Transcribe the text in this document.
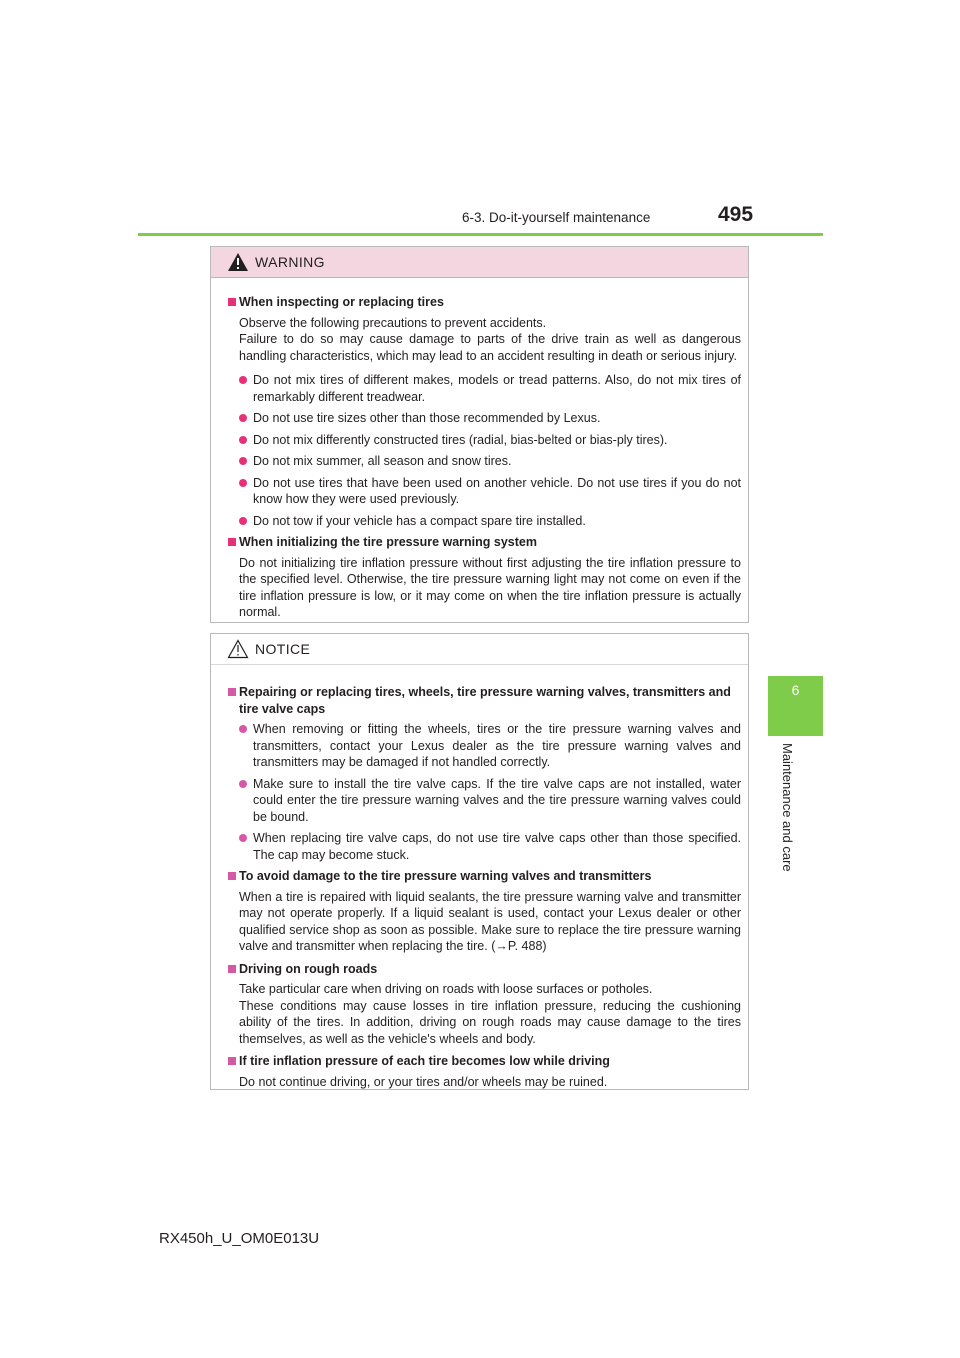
6-3. Do-it-yourself maintenance	495
6
Maintenance and care
WARNING
When inspecting or replacing tires
Observe the following precautions to prevent accidents.
Failure to do so may cause damage to parts of the drive train as well as dangerous handling characteristics, which may lead to an accident resulting in death or serious injury.
Do not mix tires of different makes, models or tread patterns. Also, do not mix tires of remarkably different treadwear.
Do not use tire sizes other than those recommended by Lexus.
Do not mix differently constructed tires (radial, bias-belted or bias-ply tires).
Do not mix summer, all season and snow tires.
Do not use tires that have been used on another vehicle. Do not use tires if you do not know how they were used previously.
Do not tow if your vehicle has a compact spare tire installed.
When initializing the tire pressure warning system
Do not initializing tire inflation pressure without first adjusting the tire inflation pressure to the specified level. Otherwise, the tire pressure warning light may not come on even if the tire inflation pressure is low, or it may come on when the tire inflation pressure is actually normal.
NOTICE
Repairing or replacing tires, wheels, tire pressure warning valves, transmitters and tire valve caps
When removing or fitting the wheels, tires or the tire pressure warning valves and transmitters, contact your Lexus dealer as the tire pressure warning valves and transmitters may be damaged if not handled correctly.
Make sure to install the tire valve caps. If the tire valve caps are not installed, water could enter the tire pressure warning valves and the tire pressure warning valves could be bound.
When replacing tire valve caps, do not use tire valve caps other than those specified. The cap may become stuck.
To avoid damage to the tire pressure warning valves and transmitters
When a tire is repaired with liquid sealants, the tire pressure warning valve and transmitter may not operate properly. If a liquid sealant is used, contact your Lexus dealer or other qualified service shop as soon as possible. Make sure to replace the tire pressure warning valve and transmitter when replacing the tire. (→P. 488)
Driving on rough roads
Take particular care when driving on roads with loose surfaces or potholes.
These conditions may cause losses in tire inflation pressure, reducing the cushioning ability of the tires. In addition, driving on rough roads may cause damage to the tires themselves, as well as the vehicle's wheels and body.
If tire inflation pressure of each tire becomes low while driving
Do not continue driving, or your tires and/or wheels may be ruined.
RX450h_U_OM0E013U
